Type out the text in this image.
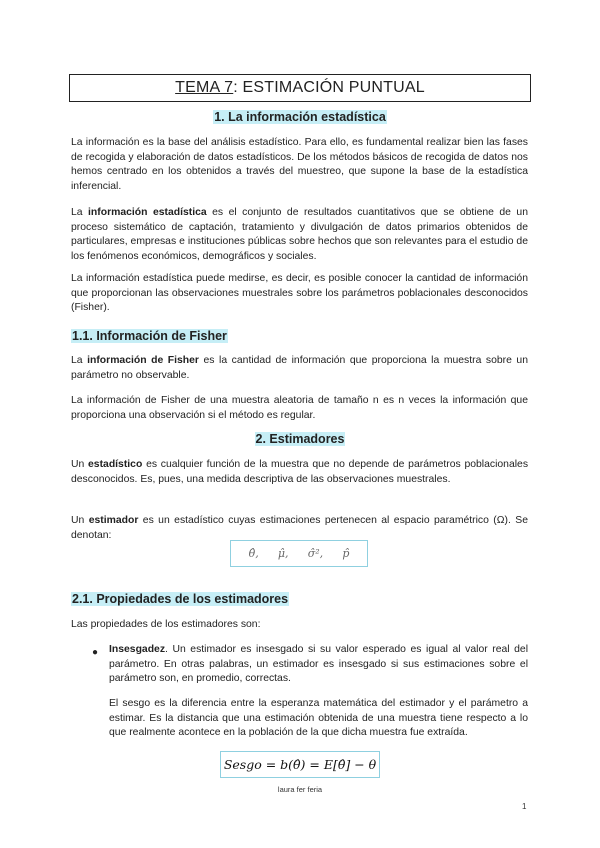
TEMA 7: ESTIMACIÓN PUNTUAL
1. La información estadística
La información es la base del análisis estadístico. Para ello, es fundamental realizar bien las fases de recogida y elaboración de datos estadísticos. De los métodos básicos de recogida de datos nos hemos centrado en los obtenidos a través del muestreo, que supone la base de la estadística inferencial.
La información estadística es el conjunto de resultados cuantitativos que se obtiene de un proceso sistemático de captación, tratamiento y divulgación de datos primarios obtenidos de particulares, empresas e instituciones públicas sobre hechos que son relevantes para el estudio de los fenómenos económicos, demográficos y sociales.
La información estadística puede medirse, es decir, es posible conocer la cantidad de información que proporcionan las observaciones muestrales sobre los parámetros poblacionales desconocidos (Fisher).
1.1. Información de Fisher
La información de Fisher es la cantidad de información que proporciona la muestra sobre un parámetro no observable.
La información de Fisher de una muestra aleatoria de tamaño n es n veces la información que proporciona una observación si el método es regular.
2. Estimadores
Un estadístico es cualquier función de la muestra que no depende de parámetros poblacionales desconocidos. Es, pues, una medida descriptiva de las observaciones muestrales.
Un estimador es un estadístico cuyas estimaciones pertenecen al espacio paramétrico (Ω). Se denotan:
θ̂, μ̂, σ̂², p̂
2.1. Propiedades de los estimadores
Las propiedades de los estimadores son:
● Insesgadez. Un estimador es insesgado si su valor esperado es igual al valor real del parámetro. En otras palabras, un estimador es insesgado si sus estimaciones sobre el parámetro son, en promedio, correctas.
El sesgo es la diferencia entre la esperanza matemática del estimador y el parámetro a estimar. Es la distancia que una estimación obtenida de una muestra tiene respecto a lo que realmente acontece en la población de la que dicha muestra fue extraída.
Sesgo = b(θ̂) = E[θ̂] − θ
laura fer feria
1
